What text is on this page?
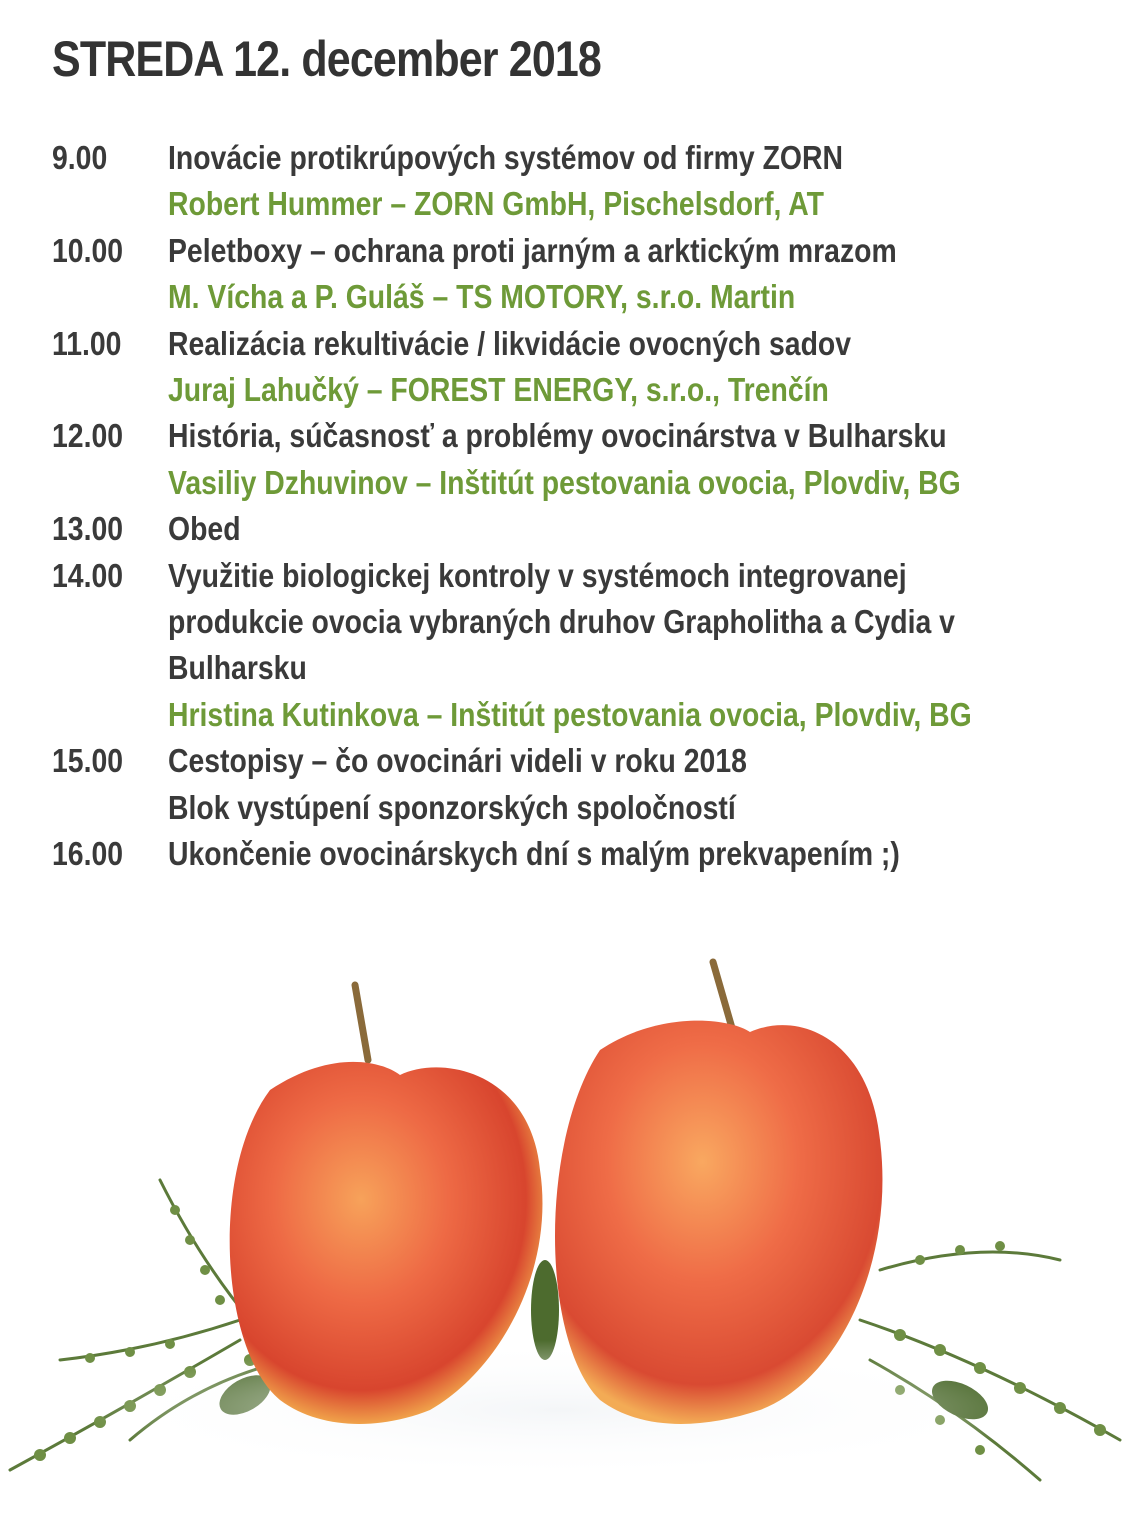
STREDA 12. december 2018
9.00	Inovácie protikrúpových systémov od firmy ZORN
Robert Hummer – ZORN GmbH, Pischelsdorf, AT
10.00	Peletboxy – ochrana proti jarným a arktickým mrazom
M. Vícha a P. Guláš – TS MOTORY, s.r.o. Martin
11.00	Realizácia rekultivácie / likvidácie ovocných sadov
Juraj Lahučký – FOREST ENERGY, s.r.o., Trenčín
12.00	História, súčasnosť a problémy ovocinárstva v Bulharsku
Vasiliy Dzhuvinov – Inštitút pestovania ovocia, Plovdiv, BG
13.00	Obed
14.00	Využitie biologickej kontroly v systémoch integrovanej
produkcie ovocia vybraných druhov Grapholitha a Cydia v
Bulharsku
Hristina Kutinkova – Inštitút pestovania ovocia, Plovdiv, BG
15.00	Cestopisy – čo ovocinári videli v roku 2018
Blok vystúpení sponzorských spoločností
16.00	Ukončenie ovocinárskych dní s malým prekvapením ;)
